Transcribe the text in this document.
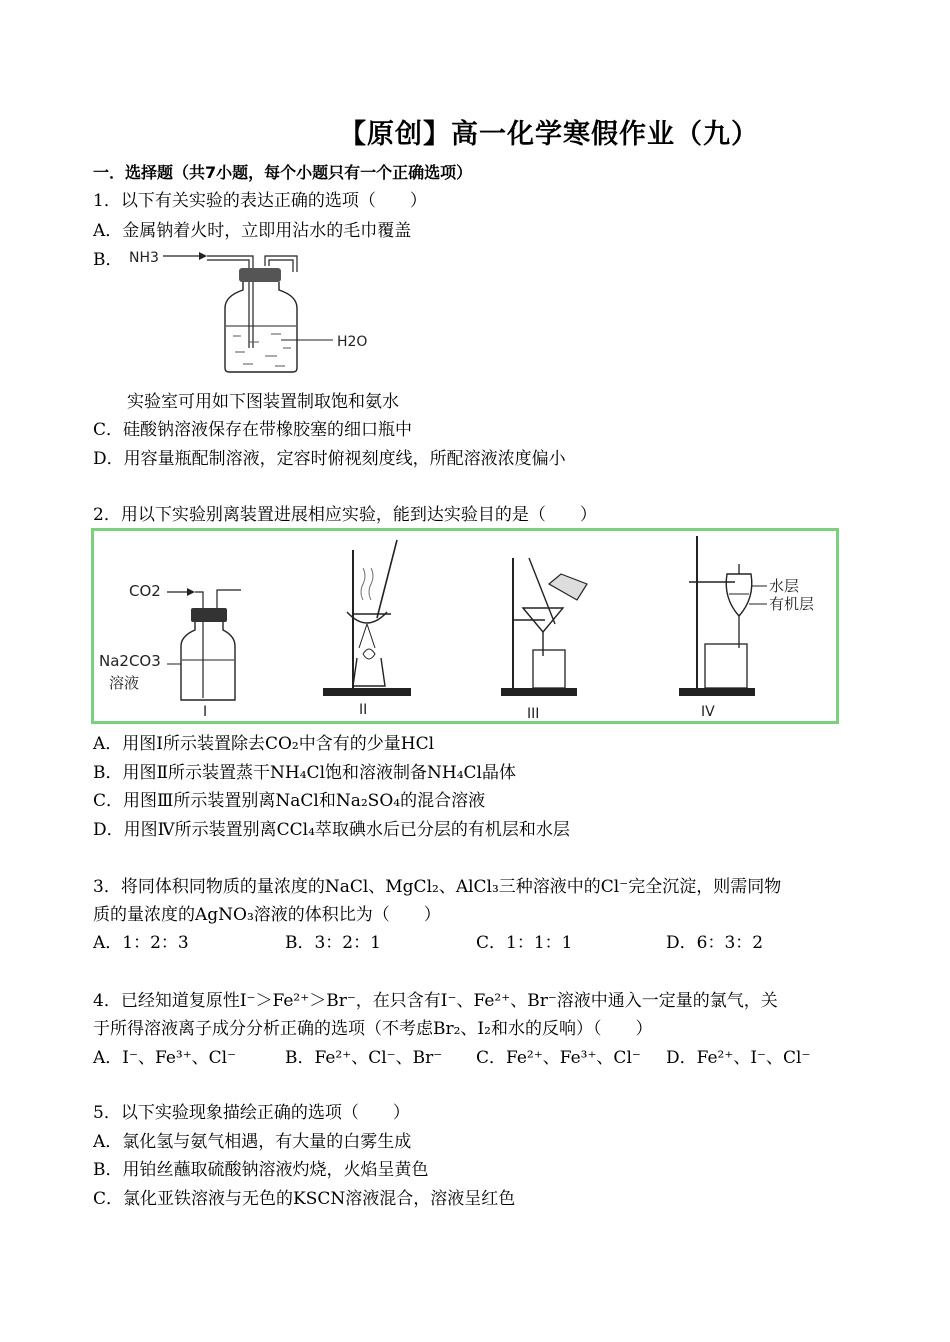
【原创】高一化学寒假作业（九）
一．选择题（共7小题，每个小题只有一个正确选项）
1．以下有关实验的表达正确的选项（　　）
A．金属钠着火时，立即用沾水的毛巾覆盖
B． NH3
H2O
实验室可用如下图装置制取饱和氨水
C．硅酸钠溶液保存在带橡胶塞的细口瓶中
D．用容量瓶配制溶液，定容时俯视刻度线，所配溶液浓度偏小
2．用以下实验别离装置进展相应实验，能到达实验目的是（　　）
CO2
Na2CO3
溶液
I	II	III
水层
有机层
IV
A．用图Ⅰ所示装置除去CO₂中含有的少量HCl
B．用图Ⅱ所示装置蒸干NH₄Cl饱和溶液制备NH₄Cl晶体
C．用图Ⅲ所示装置别离NaCl和Na₂SO₄的混合溶液
D．用图Ⅳ所示装置别离CCl₄萃取碘水后已分层的有机层和水层
3．将同体积同物质的量浓度的NaCl、MgCl₂、AlCl₃三种溶液中的Cl⁻完全沉淀，则需同物
质的量浓度的AgNO₃溶液的体积比为（　　）
A．1：2：3	B．3：2：1	C．1：1：1	D．6：3：2
4．已经知道复原性I⁻＞Fe²⁺＞Br⁻，在只含有I⁻、Fe²⁺、Br⁻溶液中通入一定量的氯气，关
于所得溶液离子成分分析正确的选项（不考虑Br₂、I₂和水的反响）（　　）
A．I⁻、Fe³⁺、Cl⁻	B．Fe²⁺、Cl⁻、Br⁻ C．Fe²⁺、Fe³⁺、Cl⁻ D．Fe²⁺、I⁻、Cl⁻
5．以下实验现象描绘正确的选项（　　）
A．氯化氢与氨气相遇，有大量的白雾生成
B．用铂丝蘸取硫酸钠溶液灼烧，火焰呈黄色
C．氯化亚铁溶液与无色的KSCN溶液混合，溶液呈红色
